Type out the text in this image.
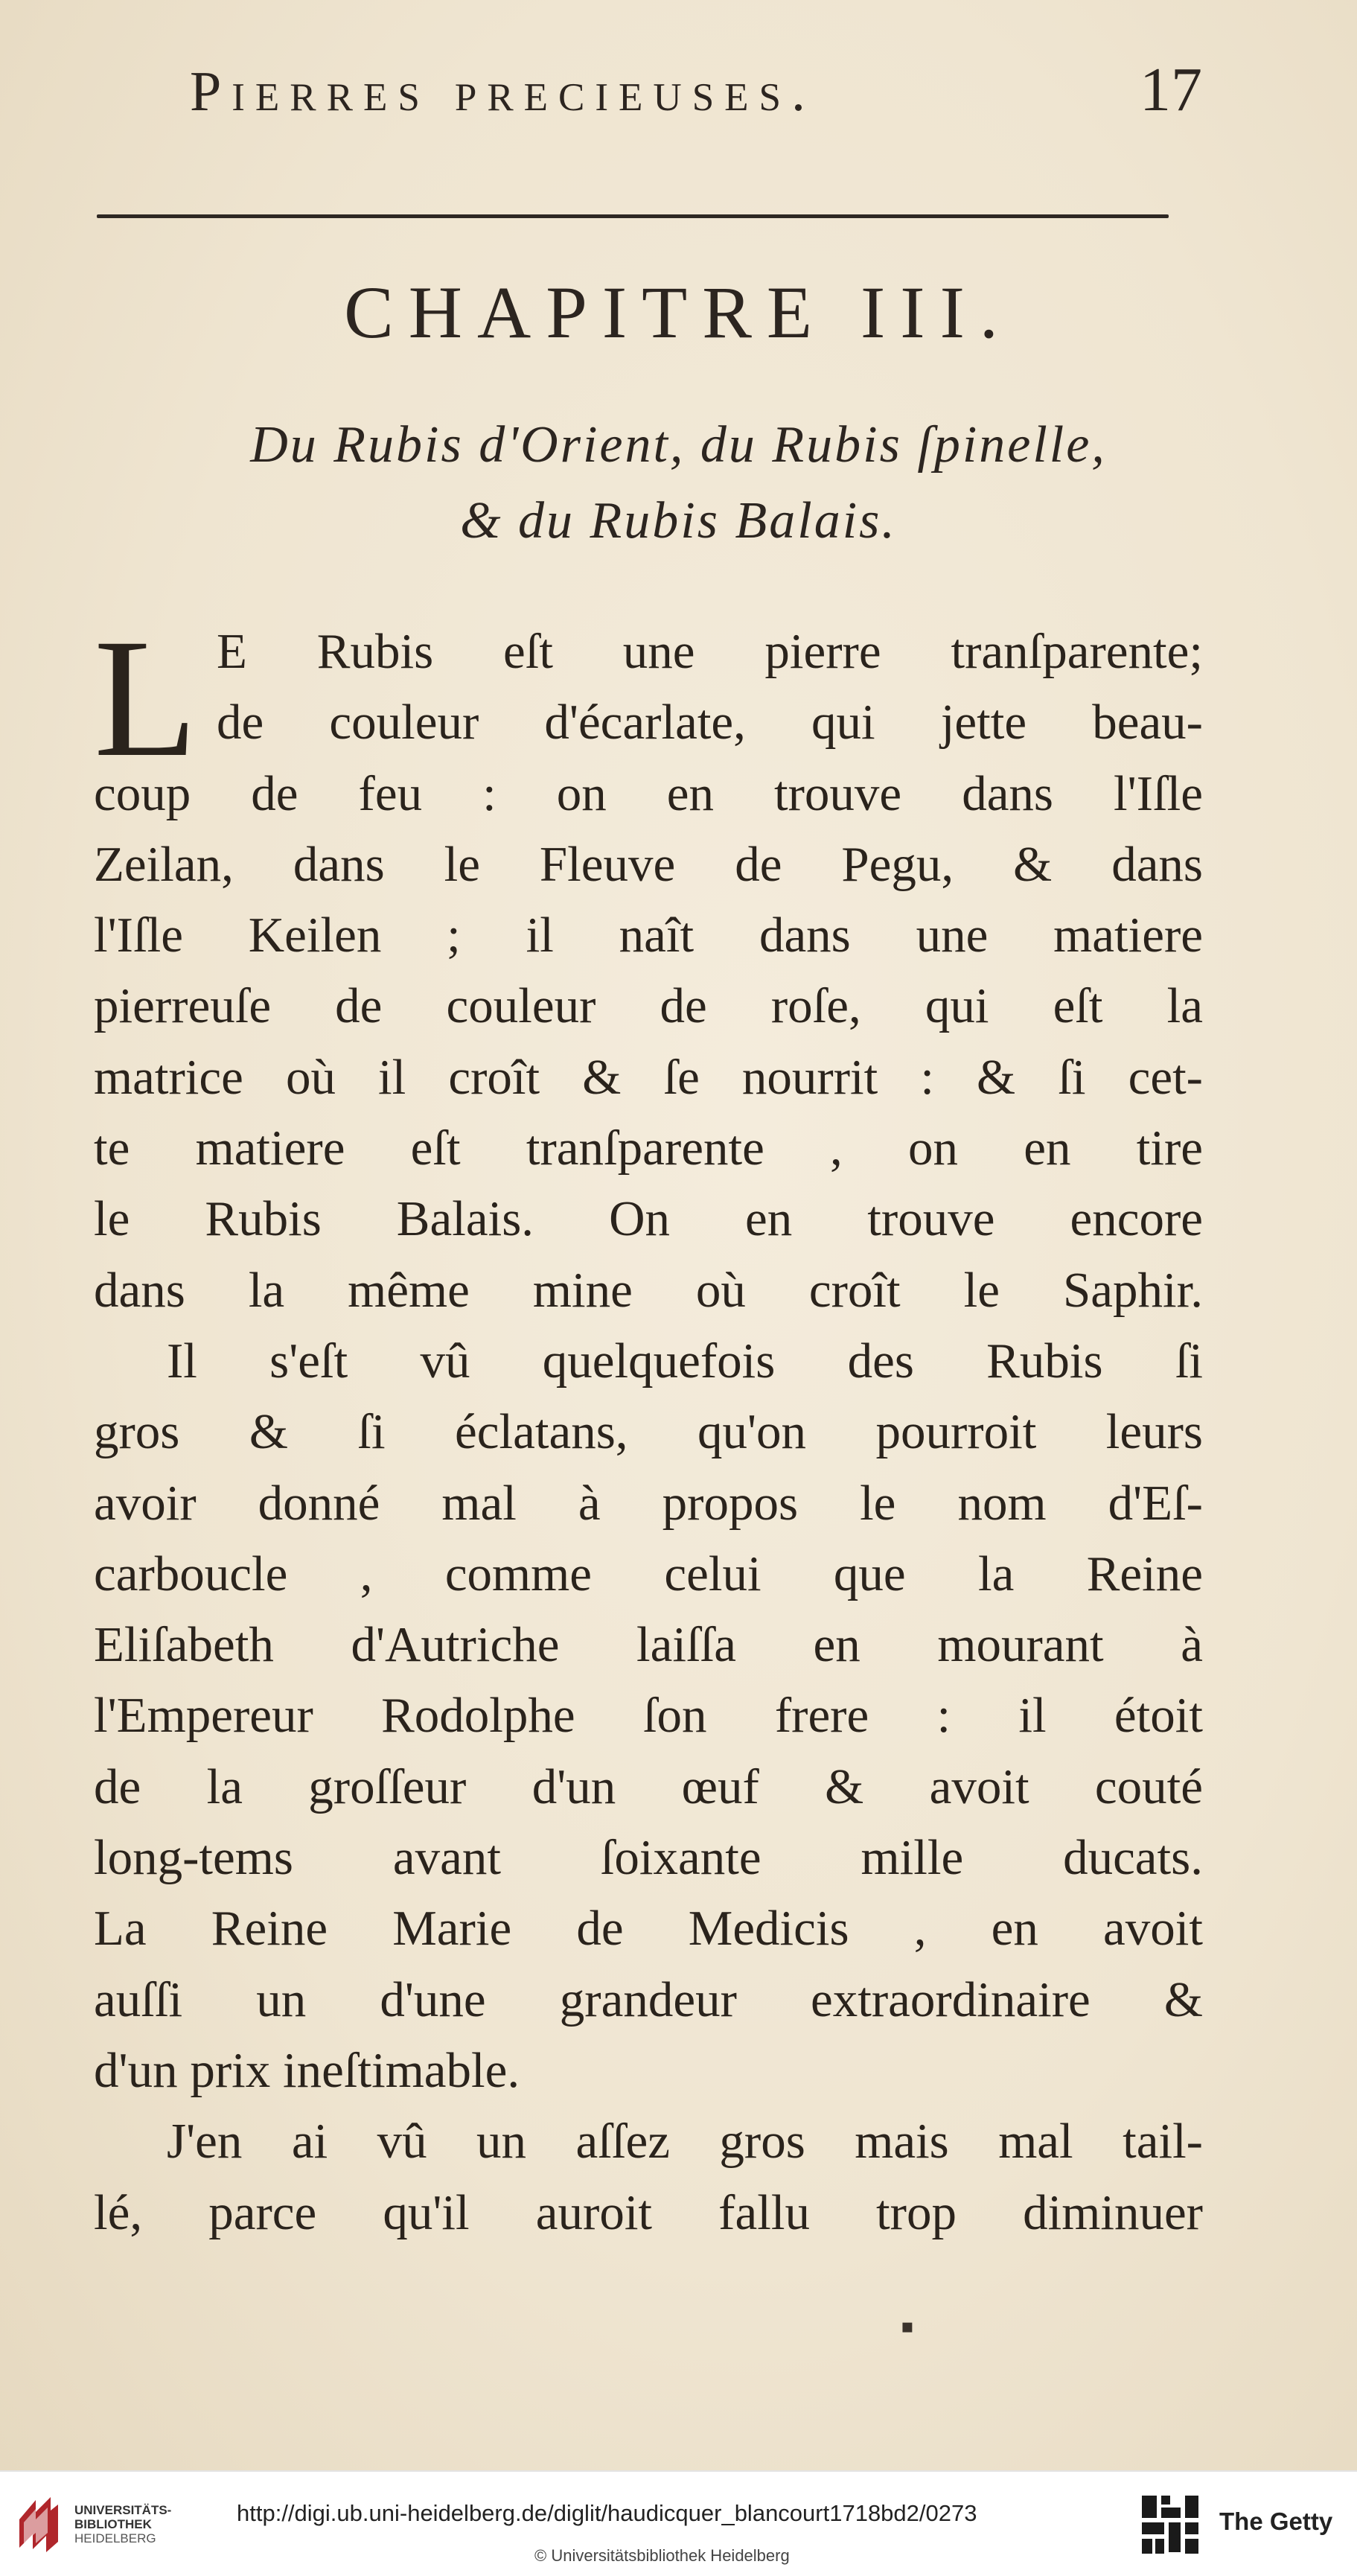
Pierres precieuses.	17
CHAPITRE III.
Du Rubis d'Orient, du Rubis ſpinelle,
& du Rubis Balais.
L E Rubis eſt une pierre tranſparente;
de couleur d'écarlate, qui jette beau-
coup de feu : on en trouve dans l'Iſle
Zeilan, dans le Fleuve de Pegu, & dans
l'Iſle Keilen ; il naît dans une matiere
pierreuſe de couleur de roſe, qui eſt la
matrice où il croît & ſe nourrit : & ſi cet-
te matiere eſt tranſparente , on en tire
le Rubis Balais. On en trouve encore
dans la même mine où croît le Saphir.
Il s'eſt vû quelquefois des Rubis ſi
gros & ſi éclatans, qu'on pourroit leurs
avoir donné mal à propos le nom d'Eſ-
carboucle , comme celui que la Reine
Eliſabeth d'Autriche laiſſa en mourant à
l'Empereur Rodolphe ſon frere : il étoit
de la groſſeur d'un œuf & avoit couté
long-tems avant ſoixante mille ducats.
La Reine Marie de Medicis , en avoit
auſſi un d'une grandeur extraordinaire &
d'un prix ineſtimable.
J'en ai vû un aſſez gros mais mal tail-
lé, parce qu'il auroit fallu trop diminuer
▪
UNIVERSITÄTS-
BIBLIOTHEK
HEIDELBERG
http://digi.ub.uni-heidelberg.de/diglit/haudicquer_blancourt1718bd2/0273
© Universitätsbibliothek Heidelberg
The Getty
